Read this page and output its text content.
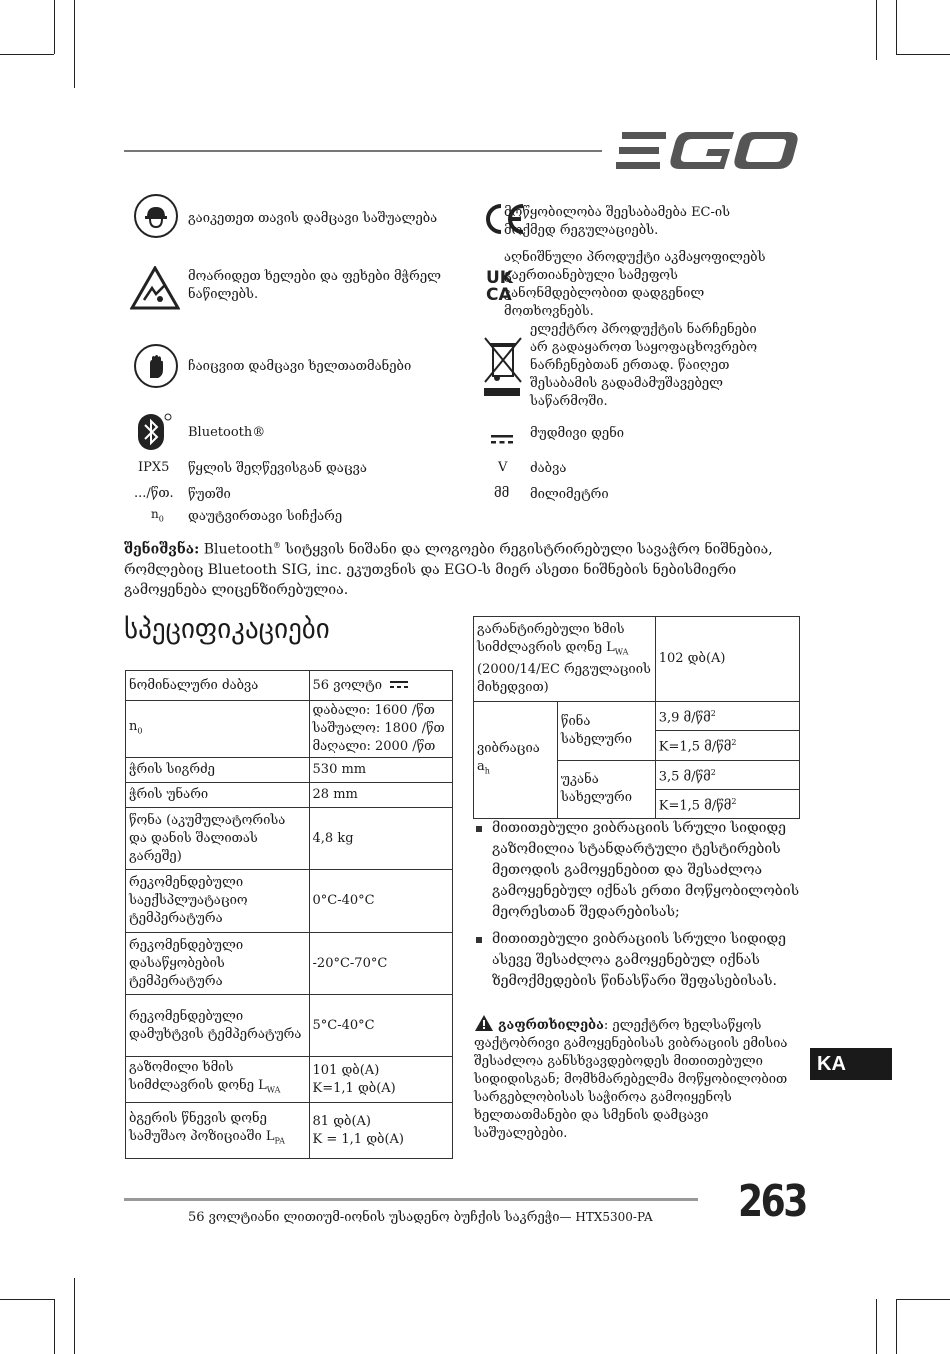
გაიკეთეთ თავის დამცავი საშუალება
მოარიდეთ ხელები და ფეხები მჭრელ ნაწილებს.
ჩაიცვით დამცავი ხელთათმანები
Bluetooth®
IPX5 წყლის შეღწევისგან დაცვა
.../წთ. წუთში
$n_0$ დაუტვირთავი სიჩქარე
მოწყობილობა შეესაბამება EC-ის მოქმედ რეგულაციებს.
UK
CA
აღნიშნული პროდუქტი აკმაყოფილებს გაერთიანებული სამეფოს კანონმდებლობით დადგენილ მოთხოვნებს.
ელექტრო პროდუქტის ნარჩენები არ გადაყაროთ საყოფაცხოვრებო ნარჩენებთან ერთად. წაიღეთ შესაბამის გადამამუშავებელ საწარმოში.
მუდმივი დენი
V ძაბვა
მმ მილიმეტრი
შენიშვნა: Bluetooth® სიტყვის ნიშანი და ლოგოები რეგისტრირებული სავაჭრო ნიშნებია, რომლებიც Bluetooth SIG, inc. ეკუთვნის და EGO-ს მიერ ასეთი ნიშნების ნებისმიერი გამოყენება ლიცენზირებულია.
სპეციფიკაციები
ნომინალური ძაბვა	56 ვოლტი
$n_0$	დაბალი: 1600 /წთ
საშუალო: 1800 /წთ
მაღალი: 2000 /წთ

ჭრის სიგრძე	530 mm
ჭრის უნარი	28 mm
წონა (აკუმულატორისა და დანის შალითას გარეშე)	4,8 kg
რეკომენდებული საექსპლუატაციო ტემპერატურა	0°C-40°C
რეკომენდებული დასაწყობების ტემპერატურა	-20°C-70°C
რეკომენდებული დამუხტვის ტემპერატურა	5°C-40°C
გაზომილი ხმის სიმძლავრის დონე $L_{WA}$	101 დბ(A)
K=1,1 დბ(A)

ბგერის წნევის დონე სამუშაო პოზიციაში $L_{PA}$	81 დბ(A)
K = 1,1 დბ(A)
გარანტირებული ხმის სიმძლავრის დონე $L_{WA}$ (2000/14/EC რეგულაციის მიხედვით)		102 დბ(A)
ვიბრაცია $a_h$	წინა სახელური	3,9 მ/წმ$^2$
K=1,5 მ/წმ$^2$

	უკანა სახელური	3,5 მ/წმ$^2$
K=1,5 მ/წმ$^2$
მითითებული ვიბრაციის სრული სიდიდე გაზომილია სტანდარტული ტესტირების მეთოდის გამოყენებით და შესაძლოა გამოყენებულ იქნას ერთი მოწყობილობის მეორესთან შედარებისას;
მითითებული ვიბრაციის სრული სიდიდე ასევე შესაძლოა გამოყენებულ იქნას ზემოქმედების წინასწარი შეფასებისას.
გაფრთხილება: ელექტრო ხელსაწყოს ფაქტობრივი გამოყენებისას ვიბრაციის ემისია შესაძლოა განსხვავდებოდეს მითითებული სიდიდისგან; მომხმარებელმა მოწყობილობით სარგებლობისას საჭიროა გამოიყენოს ხელთათმანები და სმენის დამცავი საშუალებები.
KA
56 ვოლტიანი ლითიუმ-იონის უსადენო ბუჩქის საკრეჭი— HTX5300-PA 263
